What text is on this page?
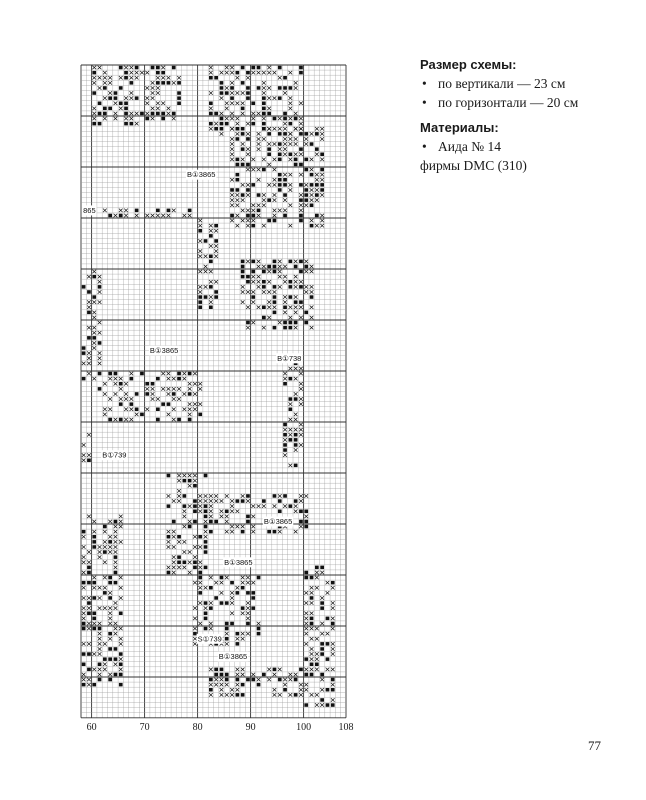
865
B①3865
B①3865
B①738
B①739
B①3865
B①3865
S①739
B①3865
60	70	80	90	100	108

Размер схемы:

• по вертикали — 23 см
• по горизонтали — 20 см

Материалы:

• Аида № 14

фирмы DMC (310)

77
